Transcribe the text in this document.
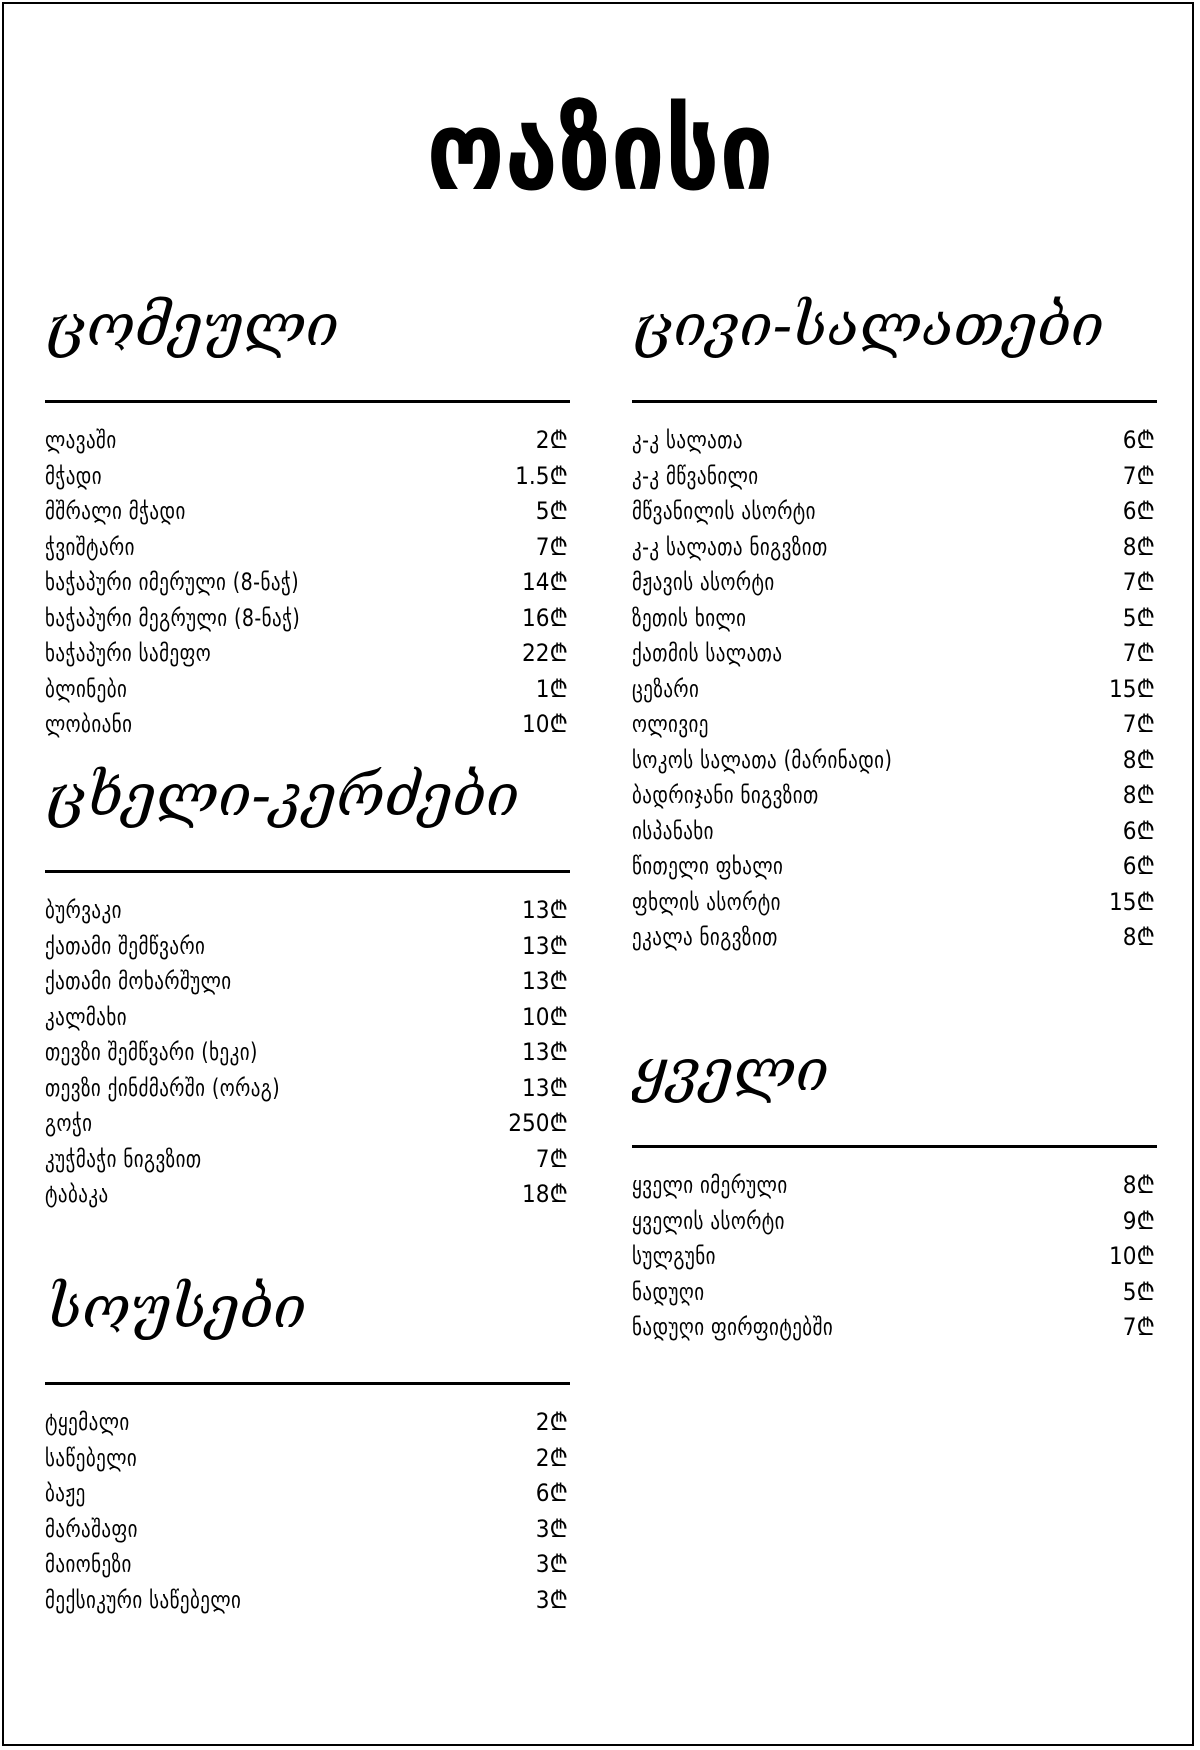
ოაზისი
ცომეული
ლავაში	2₾
მჭადი	1.5₾
მშრალი მჭადი	5₾
ჭვიშტარი	7₾
ხაჭაპური იმერული (8-ნაჭ)	14₾
ხაჭაპური მეგრული (8-ნაჭ)	16₾
ხაჭაპური სამეფო	22₾
ბლინები	1₾
ლობიანი	10₾
ცხელი-კერძები
ბურვაკი	13₾
ქათამი შემწვარი	13₾
ქათამი მოხარშული	13₾
კალმახი	10₾
თევზი შემწვარი (ხეკი)	13₾
თევზი ქინძმარში (ორაგ)	13₾
გოჭი	250₾
კუჭმაჭი ნიგვზით	7₾
ტაბაკა	18₾
სოუსები
ტყემალი	2₾
საწებელი	2₾
ბაჟე	6₾
მარაშაფი	3₾
მაიონეზი	3₾
მექსიკური საწებელი	3₾
ცივი-სალათები
კ-კ სალათა	6₾
კ-კ მწვანილი	7₾
მწვანილის ასორტი	6₾
კ-კ სალათა ნიგვზით	8₾
მჟავის ასორტი	7₾
ზეთის ხილი	5₾
ქათმის სალათა	7₾
ცეზარი	15₾
ოლივიე	7₾
სოკოს სალათა (მარინადი)	8₾
ბადრიჯანი ნიგვზით	8₾
ისპანახი	6₾
წითელი ფხალი	6₾
ფხლის ასორტი	15₾
ეკალა ნიგვზით	8₾
ყველი
ყველი იმერული	8₾
ყველის ასორტი	9₾
სულგუნი	10₾
ნადუღი	5₾
ნადუღი ფირფიტებში	7₾
